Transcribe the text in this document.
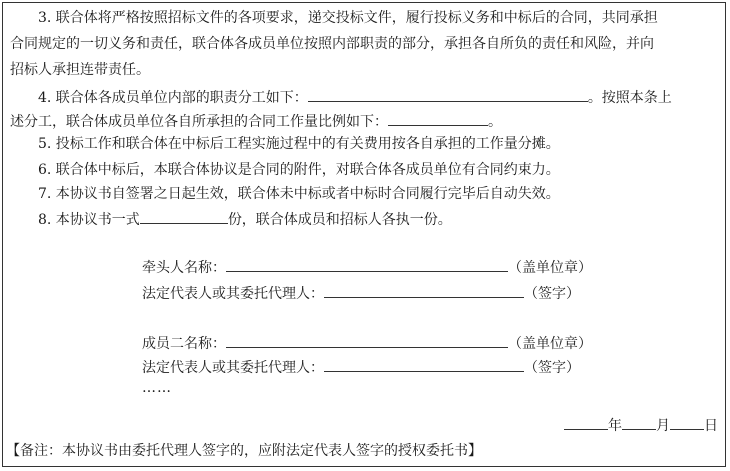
3. 联合体将严格按照招标文件的各项要求，递交投标文件，履行投标义务和中标后的合同，共同承担
合同规定的一切义务和责任，联合体各成员单位按照内部职责的部分，承担各自所负的责任和风险，并向
招标人承担连带责任。
4. 联合体各成员单位内部的职责分工如下：	。按照本条上
述分工，联合体成员单位各自所承担的合同工作量比例如下：	。
5. 投标工作和联合体在中标后工程实施过程中的有关费用按各自承担的工作量分摊。
6. 联合体中标后，本联合体协议是合同的附件，对联合体各成员单位有合同约束力。
7. 本协议书自签署之日起生效，联合体未中标或者中标时合同履行完毕后自动失效。
8. 本协议书一式	份，联合体成员和招标人各执一份。
牵头人名称：	（盖单位章）
法定代表人或其委托代理人：	（签字）
成员二名称：	（盖单位章）
法定代表人或其委托代理人：	（签字）
……
年 月 日
【备注：本协议书由委托代理人签字的，应附法定代表人签字的授权委托书】
